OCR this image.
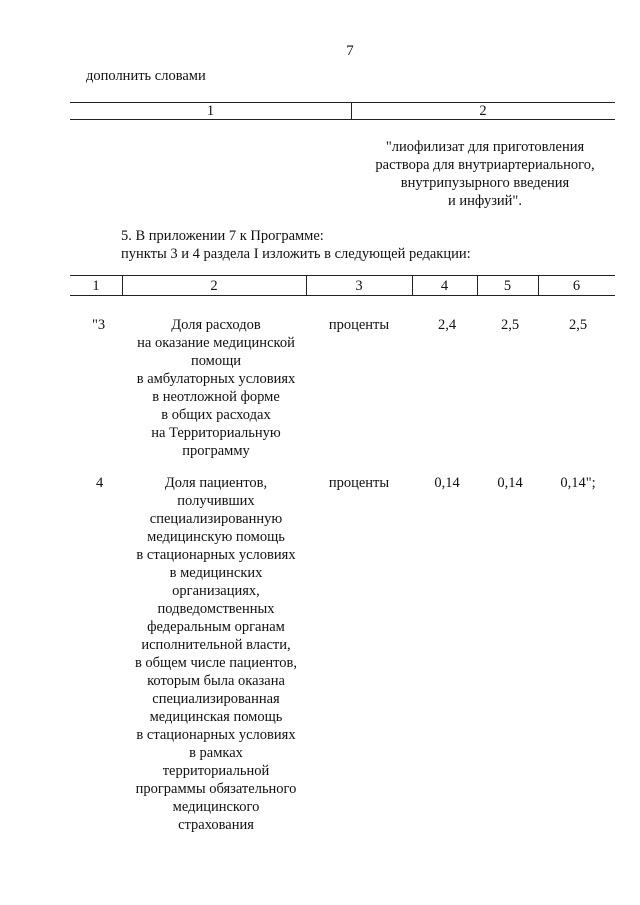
7
дополнить словами
1	2
"лиофилизат для приготовления
раствора для внутриартериального,
внутрипузырного введения
и инфузий".
5. В приложении 7 к Программе:
пункты 3 и 4 раздела I изложить в следующей редакции:
1	2	3	4	5	6
"3	Доля расходов
на оказание медицинской
помощи
в амбулаторных условиях
в неотложной форме
в общих расходах
на Территориальную
программу
проценты	2,4	2,5	2,5
4	Доля пациентов,
получивших
специализированную
медицинскую помощь
в стационарных условиях
в медицинских
организациях,
подведомственных
федеральным органам
исполнительной власти,
в общем числе пациентов,
которым была оказана
специализированная
медицинская помощь
в стационарных условиях
в рамках
территориальной
программы обязательного
медицинского
страхования
проценты	0,14	0,14	0,14";
